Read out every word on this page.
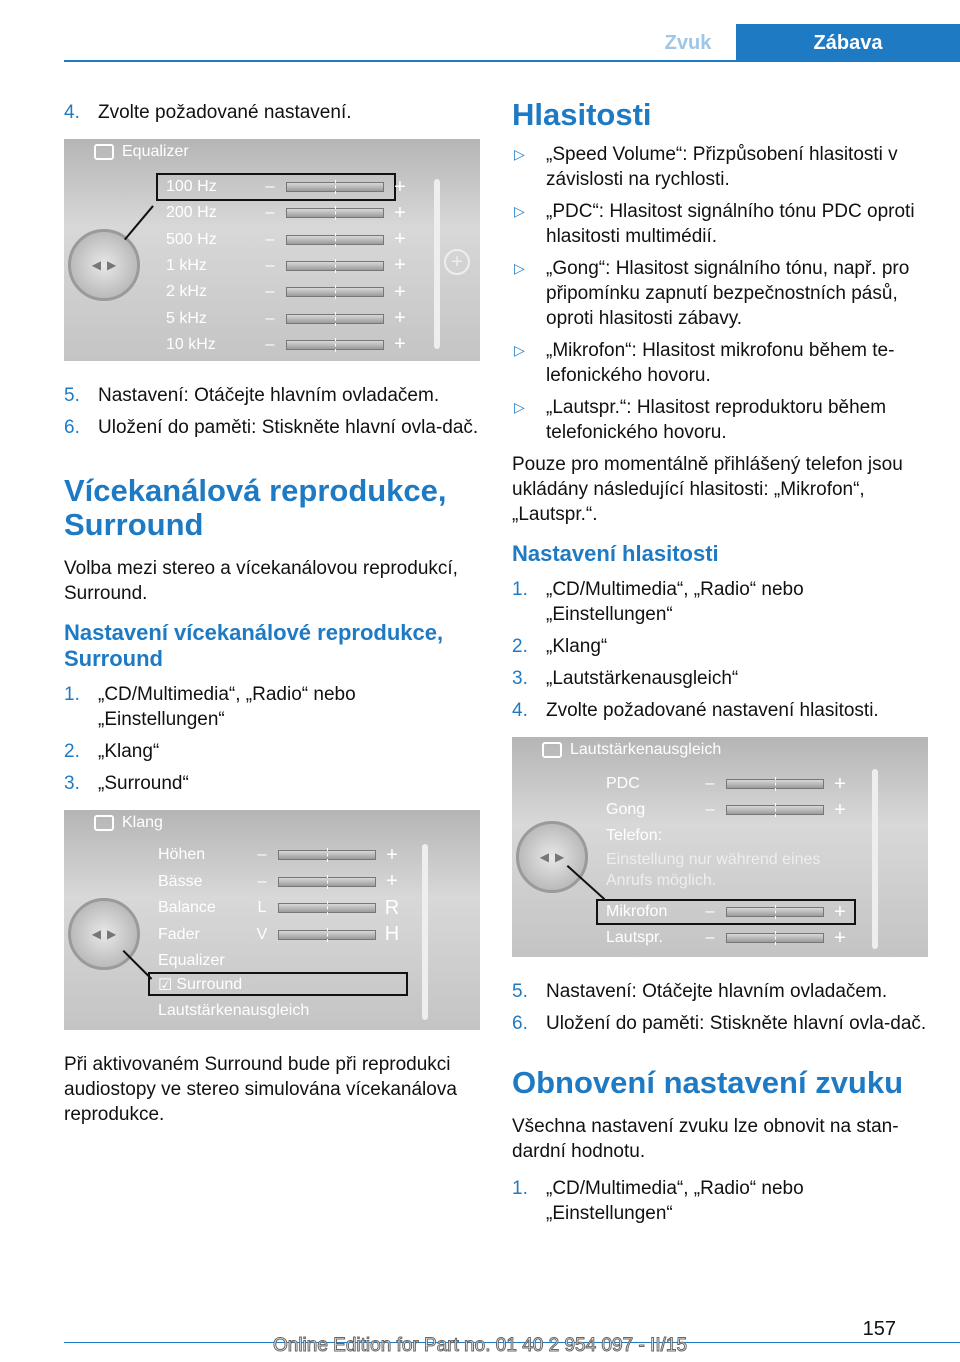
Zvuk	Zábava
4. Zvolte požadované nastavení.
Equalizer
◀ ▶	+
100 Hz	–	+
200 Hz	–	+
500 Hz	–	+
1 kHz	–	+
2 kHz	–	+
5 kHz	–	+
10 kHz	–	+
5. Nastavení: Otáčejte hlavním ovladačem.
6. Uložení do paměti: Stiskněte hlavní ovla‐dač.
Vícekanálová reprodukce, Surround

Volba mezi stereo a vícekanálovou reprodukcí, Surround.

Nastavení vícekanálové reprodukce, Surround
1. „CD/Multimedia“, „Radio“ nebo „Einstellungen“
2. „Klang“
3. „Surround“
Klang
◀ ▶
Höhen	–	+
Bässe	–	+
Balance	L	R
Fader	V	H
Equalizer
☑ Surround
Lautstärkenausgleich

Při aktivovaném Surround bude při reprodukci audiostopy ve stereo simulována vícekanálova reprodukce.

Hlasitosti
▷ „Speed Volume“: Přizpůsobení hlasitosti v závislosti na rychlosti.
▷ „PDC“: Hlasitost signálního tónu PDC oproti hlasitosti multimédií.
▷ „Gong“: Hlasitost signálního tónu, např. pro připomínku zapnutí bezpečnostních pásů, oproti hlasitosti zábavy.
▷ „Mikrofon“: Hlasitost mikrofonu během te‐lefonického hovoru.
▷ „Lautspr.“: Hlasitost reproduktoru během telefonického hovoru.

Pouze pro momentálně přihlášený telefon jsou ukládány následující hlasitosti: „Mikrofon“, „Lautspr.“.

Nastavení hlasitosti
1. „CD/Multimedia“, „Radio“ nebo „Einstellungen“
2. „Klang“
3. „Lautstärkenausgleich“
4. Zvolte požadované nastavení hlasitosti.
Lautstärkenausgleich
◀ ▶
PDC	–	+
Gong	–	+
Telefon:
Einstellung nur während eines Anrufs möglich.
Mikrofon	–	+
Lautspr.	–	+
5. Nastavení: Otáčejte hlavním ovladačem.
6. Uložení do paměti: Stiskněte hlavní ovla‐dač.
Obnovení nastavení zvuku

Všechna nastavení zvuku lze obnovit na stan‐dardní hodnotu.

1. „CD/Multimedia“, „Radio“ nebo „Einstellungen“
157
Online Edition for Part no. 01 40 2 954 097 - II/15
